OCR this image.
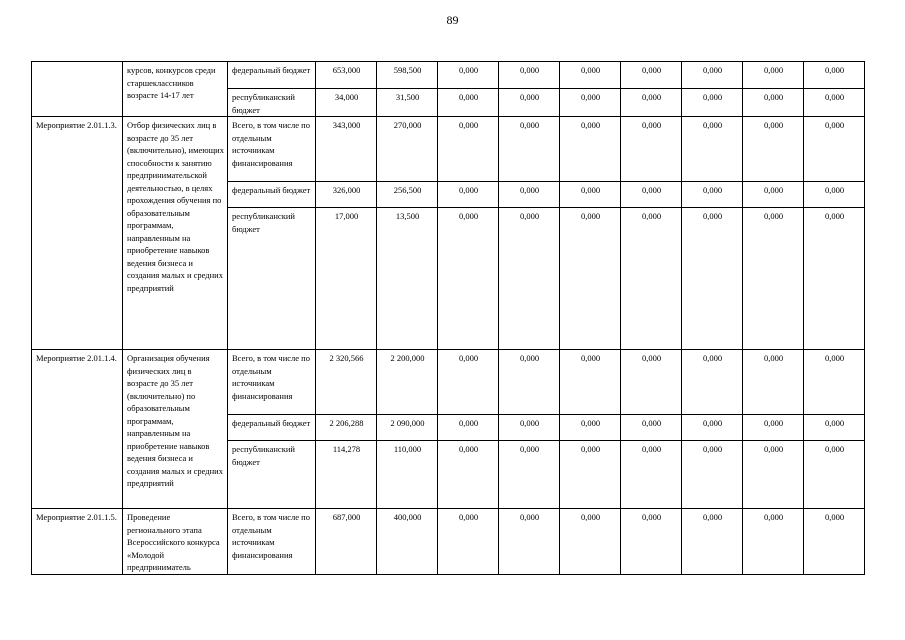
89
	курсов, конкурсов среди старшеклассников возрасте 14-17 лет	федеральный бюджет	653,000	598,500	0,000	0,000	0,000	0,000	0,000	0,000	0,000
		республиканский бюджет	34,000	31,500	0,000	0,000	0,000	0,000	0,000	0,000	0,000
Мероприятие 2.01.1.3.	Отбор физических лиц в возрасте до 35 лет (включительно), имеющих способности к занятию предпринимательской деятельностью, в целях прохождения обучения по образовательным программам, направленным на приобретение навыков ведения бизнеса и создания малых и средних предприятий	Всего, в том числе по отдельным источникам финансирования	343,000	270,000	0,000	0,000	0,000	0,000	0,000	0,000	0,000
		федеральный бюджет	326,000	256,500	0,000	0,000	0,000	0,000	0,000	0,000	0,000
		республиканский бюджет	17,000	13,500	0,000	0,000	0,000	0,000	0,000	0,000	0,000
Мероприятие 2.01.1.4.	Организация обучения физических лиц в возрасте до 35 лет (включительно) по образовательным программам, направленным на приобретение навыков ведения бизнеса и создания малых и средних предприятий	Всего, в том числе по отдельным источникам финансирования	2 320,566	2 200,000	0,000	0,000	0,000	0,000	0,000	0,000	0,000
		федеральный бюджет	2 206,288	2 090,000	0,000	0,000	0,000	0,000	0,000	0,000	0,000
		республиканский бюджет	114,278	110,000	0,000	0,000	0,000	0,000	0,000	0,000	0,000
Мероприятие 2.01.1.5.	Проведение регионального этапа Всероссийского конкурса «Молодой предприниматель	Всего, в том числе по отдельным источникам финансирования	687,000	400,000	0,000	0,000	0,000	0,000	0,000	0,000	0,000
